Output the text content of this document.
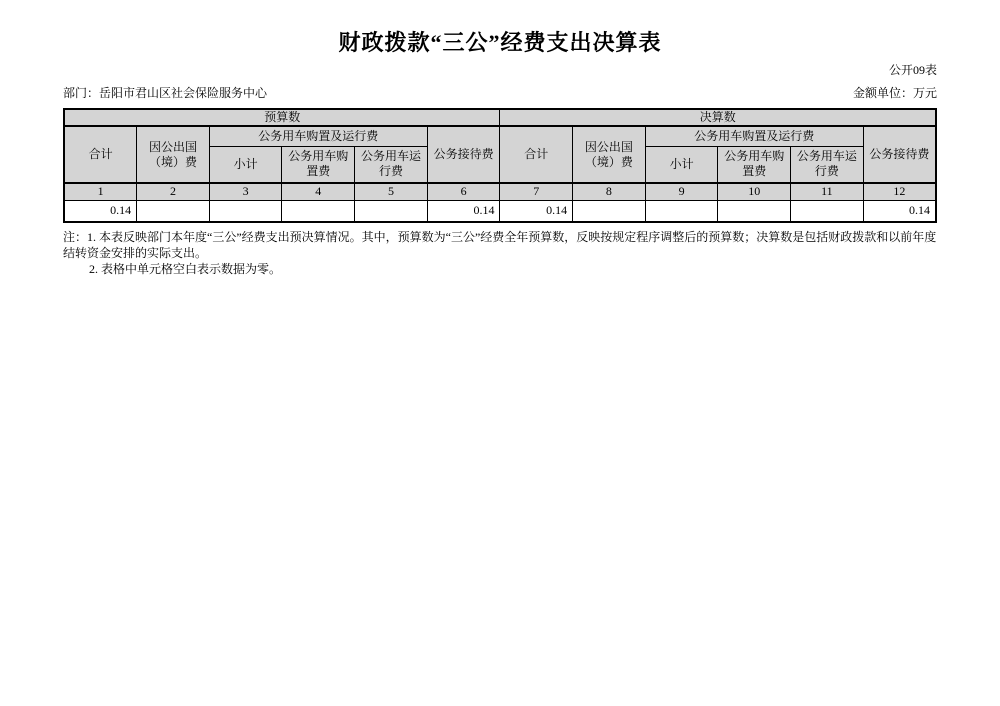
财政拨款“三公”经费支出决算表
公开09表
部门：岳阳市君山区社会保险服务中心	金额单位：万元
预算数						决算数					
合计	因公出国（境）费	公务用车购置及运行费			公务接待费	合计	因公出国（境）费	公务用车购置及运行费			公务接待费
		小计	公务用车购置费	公务用车运行费				小计	公务用车购置费	公务用车运行费	
1	2	3	4	5	6	7	8	9	10	11	12
0.14					0.14	0.14					0.14

注：1. 本表反映部门本年度“三公”经费支出预决算情况。其中，预算数为“三公”经费全年预算数，反映按规定程序调整后的预算数；决算数是包括财政拨款和以前年度结转资金安排的实际支出。

2. 表格中单元格空白表示数据为零。
